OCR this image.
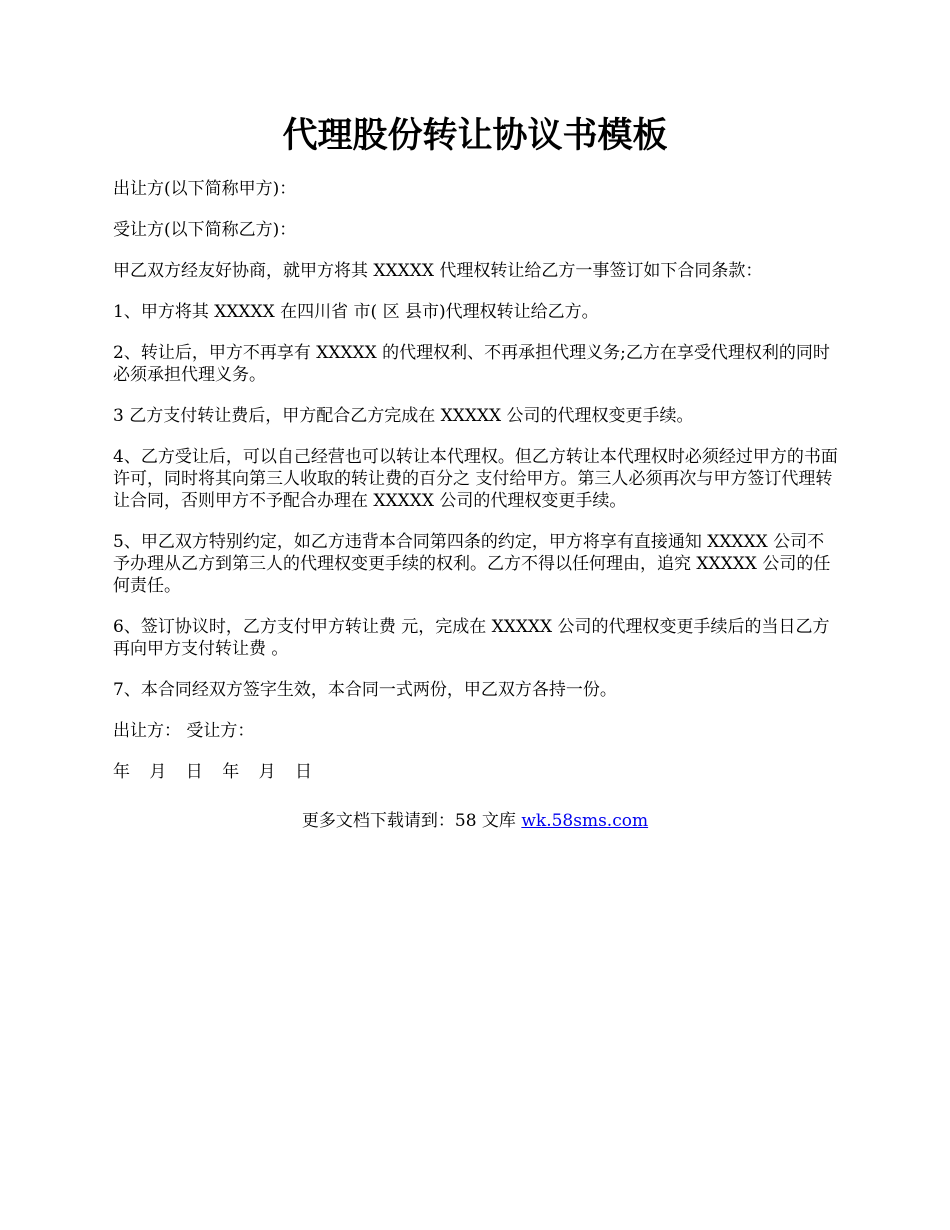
代理股份转让协议书模板

出让方(以下简称甲方)：

受让方(以下简称乙方)：

甲乙双方经友好协商，就甲方将其 XXXXX 代理权转让给乙方一事签订如下合同条款：

1、甲方将其 XXXXX 在四川省 市( 区 县市)代理权转让给乙方。

2、转让后，甲方不再享有 XXXXX 的代理权利、不再承担代理义务;乙方在享受代理权利的同时必须承担代理义务。

3 乙方支付转让费后，甲方配合乙方完成在 XXXXX 公司的代理权变更手续。

4、乙方受让后，可以自己经营也可以转让本代理权。但乙方转让本代理权时必须经过甲方的书面许可，同时将其向第三人收取的转让费的百分之 支付给甲方。第三人必须再次与甲方签订代理转让合同，否则甲方不予配合办理在 XXXXX 公司的代理权变更手续。

5、甲乙双方特别约定，如乙方违背本合同第四条的约定，甲方将享有直接通知 XXXXX 公司不予办理从乙方到第三人的代理权变更手续的权利。乙方不得以任何理由，追究 XXXXX 公司的任何责任。

6、签订协议时，乙方支付甲方转让费 元，完成在 XXXXX 公司的代理权变更手续后的当日乙方再向甲方支付转让费 。

7、本合同经双方签字生效，本合同一式两份，甲乙双方各持一份。

出让方： 受让方：

年 月 日 年 月 日

更多文档下载请到：58 文库 wk.58sms.com
